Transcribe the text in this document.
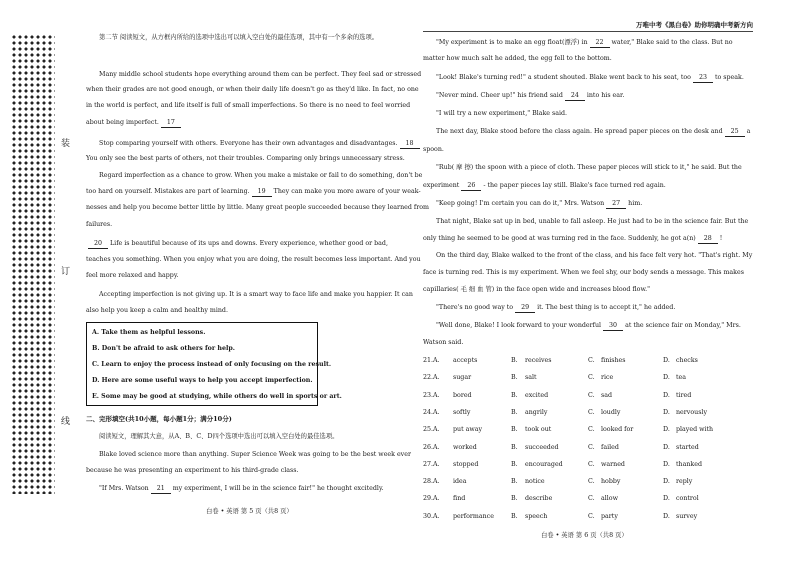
装
订
线

第二节 阅读短文，从方框内所给的选项中选出可以填入空白处的最佳选项，其中有一个多余的选项。

Many middle school students hope everything around them can be perfect. They feel sad or stressed

when their grades are not good enough, or when their daily life doesn't go as they'd like. In fact, no one

in the world is perfect, and life itself is full of small imperfections. So there is no need to feel worried

about being imperfect. 17

Stop comparing yourself with others. Everyone has their own advantages and disadvantages. 18

You only see the best parts of others, not their troubles. Comparing only brings unnecessary stress.

Regard imperfection as a chance to grow. When you make a mistake or fail to do something, don't be

too hard on yourself. Mistakes are part of learning. 19 They can make you more aware of your weak-

nesses and help you become better little by little. Many great people succeeded because they learned from

failures.

20 Life is beautiful because of its ups and downs. Every experience, whether good or bad,

teaches you something. When you enjoy what you are doing, the result becomes less important. And you

feel more relaxed and happy.

Accepting imperfection is not giving up. It is a smart way to face life and make you happier. It can

also help you keep a calm and healthy mind.

A. Take them as helpful lessons.
B. Don't be afraid to ask others for help.
C. Learn to enjoy the process instead of only focusing on the result.
D. Here are some useful ways to help you accept imperfection.
E. Some may be good at studying, while others do well in sports or art.
二、完形填空(共10小题，每小题1分；满分10分)

阅读短文，理解其大意，从A、B、C、D四个选项中选出可以填入空白处的最佳选项。

Blake loved science more than anything. Super Science Week was going to be the best week ever

because he was presenting an experiment to his third-grade class.

"If Mrs. Watson 21 my experiment, I will be in the science fair!" he thought excitedly.

白卷 • 英语 第 5 页（共8 页）
万唯中考《黑白卷》助你明确中考新方向

"My experiment is to make an egg float(漂浮) in 22 water," Blake said to the class. But no

matter how much salt he added, the egg fell to the bottom.

"Look! Blake's turning red!" a student shouted. Blake went back to his seat, too 23 to speak.

"Never mind. Cheer up!" his friend said 24 into his ear.

"I will try a new experiment," Blake said.

The next day, Blake stood before the class again. He spread paper pieces on the desk and 25 a

spoon.

"Rub( 摩 擦) the spoon with a piece of cloth. These paper pieces will stick to it," he said. But the

experiment 26 - the paper pieces lay still. Blake's face turned red again.

"Keep going! I'm certain you can do it," Mrs. Watson 27 him.

That night, Blake sat up in bed, unable to fall asleep. He just had to be in the science fair. But the

only thing he seemed to be good at was turning red in the face. Suddenly, he got a(n) 28 !

On the third day, Blake walked to the front of the class, and his face felt very hot. "That's right. My

face is turning red. This is my experiment. When we feel shy, our body sends a message. This makes

capillaries( 毛 细 血 管) in the face open wide and increases blood flow."

"There's no good way to 29 it. The best thing is to accept it," he added.

"Well done, Blake! I look forward to your wonderful 30 at the science fair on Monday," Mrs.

Watson said.

21. A. accepts	B. receives	C. finishes	D. checks
22. A. sugar	B. salt	C. rice	D. tea
23. A. bored	B. excited	C. sad	D. tired
24. A. softly	B. angrily	C. loudly	D. nervously
25. A. put away	B. took out	C. looked for	D. played with
26. A. worked	B. succeeded	C. failed	D. started
27. A. stopped	B. encouraged	C. warned	D. thanked
28. A. idea	B. notice	C. hobby	D. reply
29. A. find	B. describe	C. allow	D. control
30. A. performance	B. speech	C. party	D. survey
白卷 • 英语 第 6 页（共8 页）
